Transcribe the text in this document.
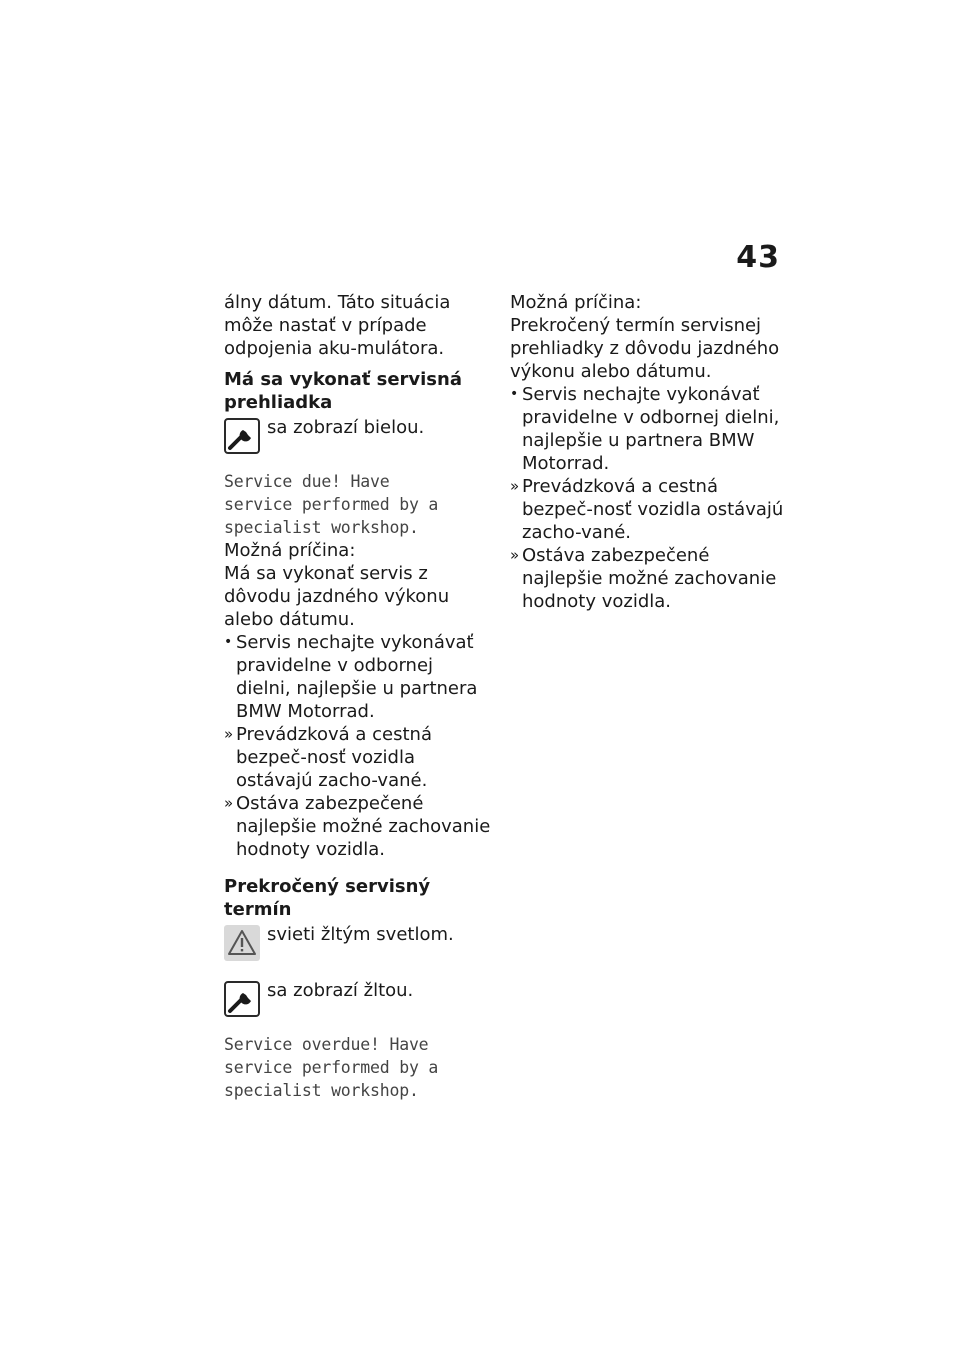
43

álny dátum. Táto situácia môže nastať v prípade odpojenia aku-mulátora.

Má sa vykonať servisná prehliadka

sa zobrazí bielou.

Service due! Have
service performed by a
specialist workshop.

Možná príčina:

Má sa vykonať servis z dôvodu jazdného výkonu alebo dátumu.

• Servis nechajte vykonávať pravidelne v odbornej dielni, najlepšie u partnera BMW Motorrad.
» Prevádzková a cestná bezpeč-nosť vozidla ostávajú zacho-vané.
» Ostáva zabezpečené najlepšie možné zachovanie hodnoty vozidla.

Prekročený servisný termín

svieti žltým svetlom.
sa zobrazí žltou.

Service overdue! Have
service performed by a
specialist workshop.

Možná príčina:

Prekročený termín servisnej prehliadky z dôvodu jazdného výkonu alebo dátumu.

• Servis nechajte vykonávať pravidelne v odbornej dielni, najlepšie u partnera BMW Motorrad.
» Prevádzková a cestná bezpeč-nosť vozidla ostávajú zacho-vané.
» Ostáva zabezpečené najlepšie možné zachovanie hodnoty vozidla.
